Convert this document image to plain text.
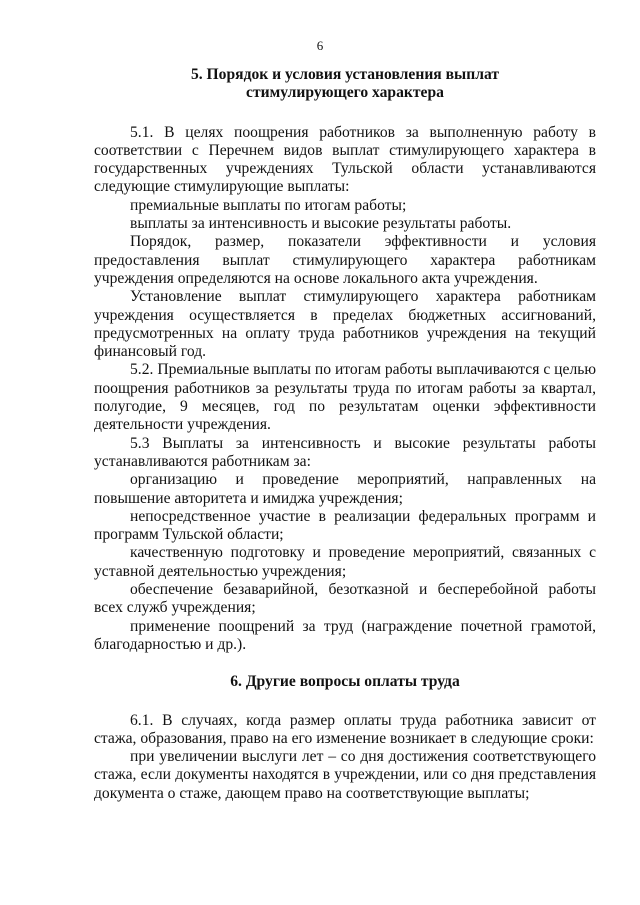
6
5. Порядок и условия установления выплат
стимулирующего характера

5.1. В целях поощрения работников за выполненную работу в соответствии с Перечнем видов выплат стимулирующего характера в государственных учреждениях Тульской области устанавливаются следующие стимулирующие выплаты:

премиальные выплаты по итогам работы;

выплаты за интенсивность и высокие результаты работы.

Порядок, размер, показатели эффективности и условия предоставления выплат стимулирующего характера работникам учреждения определяются на основе локального акта учреждения.

Установление выплат стимулирующего характера работникам учреждения осуществляется в пределах бюджетных ассигнований, предусмотренных на оплату труда работников учреждения на текущий финансовый год.

5.2. Премиальные выплаты по итогам работы выплачиваются с целью поощрения работников за результаты труда по итогам работы за квартал, полугодие, 9 месяцев, год по результатам оценки эффективности деятельности учреждения.

5.3 Выплаты за интенсивность и высокие результаты работы устанавливаются работникам за:

организацию и проведение мероприятий, направленных на повышение авторитета и имиджа учреждения;

непосредственное участие в реализации федеральных программ и программ Тульской области;

качественную подготовку и проведение мероприятий, связанных с уставной деятельностью учреждения;

обеспечение безаварийной, безотказной и бесперебойной работы всех служб учреждения;

применение поощрений за труд (награждение почетной грамотой, благодарностью и др.).

6. Другие вопросы оплаты труда

6.1. В случаях, когда размер оплаты труда работника зависит от стажа, образования, право на его изменение возникает в следующие сроки:

при увеличении выслуги лет – со дня достижения соответствующего стажа, если документы находятся в учреждении, или со дня представления документа о стаже, дающем право на соответствующие выплаты;
